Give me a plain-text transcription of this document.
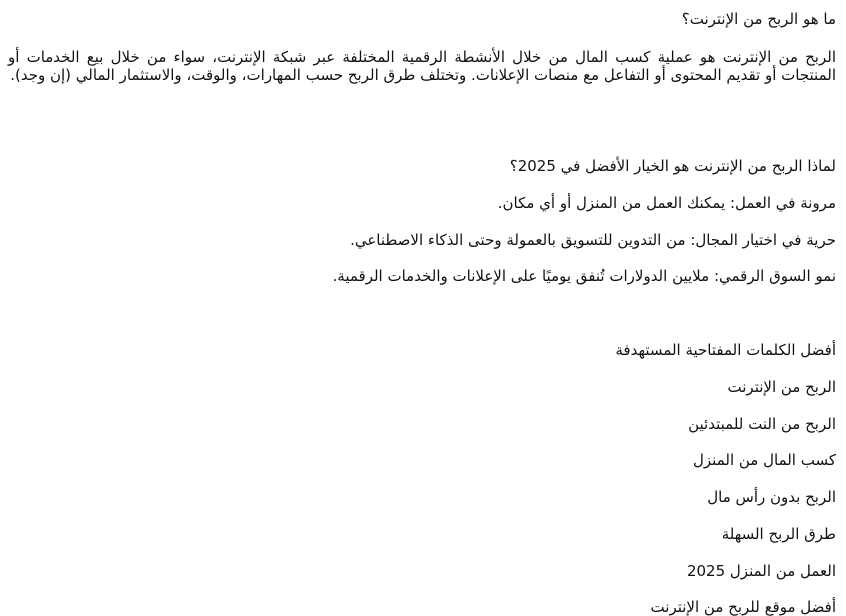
ما هو الربح من الإنترنت؟
الربح من الإنترنت هو عملية كسب المال من خلال الأنشطة الرقمية المختلفة عبر شبكة الإنترنت، سواء من خلال بيع الخدمات أو المنتجات أو تقديم المحتوى أو التفاعل مع منصات الإعلانات. وتختلف طرق الربح حسب المهارات، والوقت، والاستثمار المالي (إن وجد).
لماذا الربح من الإنترنت هو الخيار الأفضل في 2025؟
مرونة في العمل: يمكنك العمل من المنزل أو أي مكان.
حرية في اختيار المجال: من التدوين للتسويق بالعمولة وحتى الذكاء الاصطناعي.
نمو السوق الرقمي: ملايين الدولارات تُنفق يوميًا على الإعلانات والخدمات الرقمية.
أفضل الكلمات المفتاحية المستهدفة
الربح من الإنترنت
الربح من النت للمبتدئين
كسب المال من المنزل
الربح بدون رأس مال
طرق الربح السهلة
العمل من المنزل 2025
أفضل موقع للربح من الإنترنت
